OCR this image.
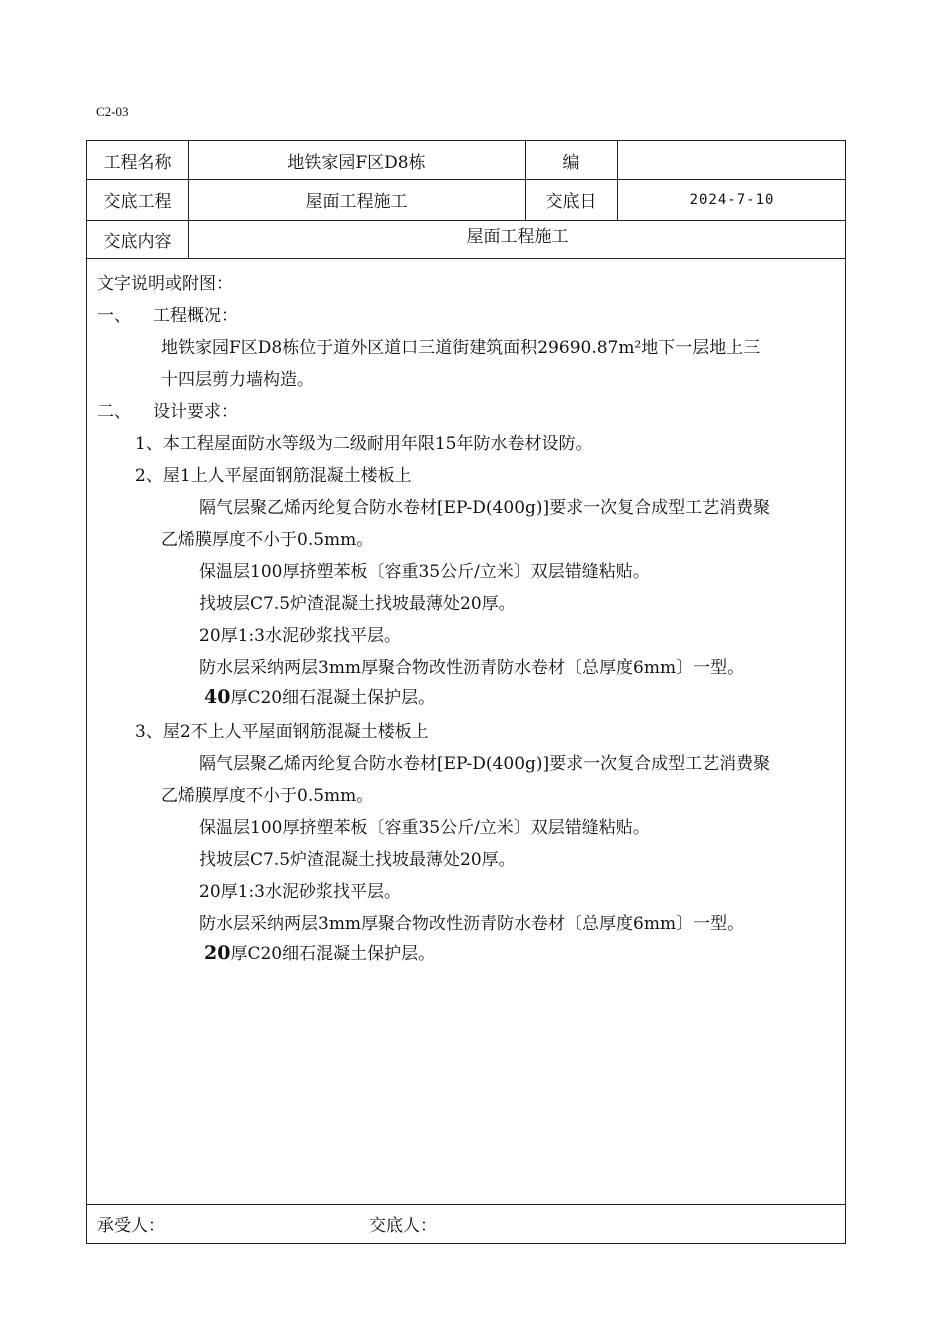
C2-03
工程名称	地铁家园F区D8栋	编
交底工程	屋面工程施工	交底日	2024-7-10
交底内容	屋面工程施工
文字说明或附图：
一、 工程概况：
地铁家园F区D8栋位于道外区道口三道街建筑面积29690.87m²地下一层地上三
十四层剪力墙构造。
二、 设计要求：
1、本工程屋面防水等级为二级耐用年限15年防水卷材设防。
2、屋1上人平屋面钢筋混凝土楼板上
隔气层聚乙烯丙纶复合防水卷材[EP-D(400g)]要求一次复合成型工艺消费聚
乙烯膜厚度不小于0.5mm。
保温层100厚挤塑苯板〔容重35公斤/立米〕双层错缝粘贴。
找坡层C7.5炉渣混凝土找坡最薄处20厚。
20厚1:3水泥砂浆找平层。
防水层采纳两层3mm厚聚合物改性沥青防水卷材〔总厚度6mm〕一型。
40厚C20细石混凝土保护层。
3、屋2不上人平屋面钢筋混凝土楼板上
隔气层聚乙烯丙纶复合防水卷材[EP-D(400g)]要求一次复合成型工艺消费聚
乙烯膜厚度不小于0.5mm。
保温层100厚挤塑苯板〔容重35公斤/立米〕双层错缝粘贴。
找坡层C7.5炉渣混凝土找坡最薄处20厚。
20厚1:3水泥砂浆找平层。
防水层采纳两层3mm厚聚合物改性沥青防水卷材〔总厚度6mm〕一型。
20厚C20细石混凝土保护层。
承受人：	交底人：
